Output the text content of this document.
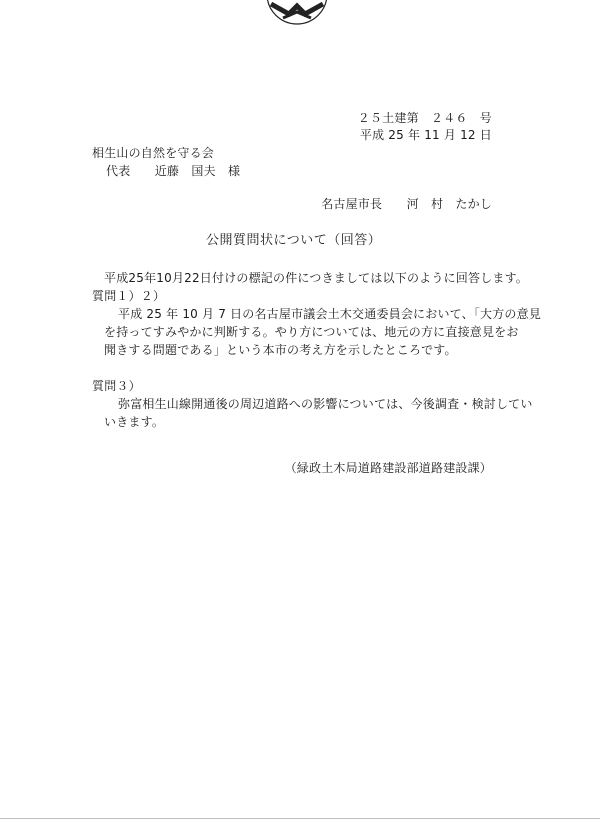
２５土建第　２４６　号
平成 25 年 11 月 12 日
相生山の自然を守る会
代表　　近藤　国夫　様
名古屋市長　　河　村　たかし
公開質問状について（回答）
平成25年10月22日付けの標記の件につきましては以下のように回答します。
質問１）２）
平成 25 年 10 月 7 日の名古屋市議会土木交通委員会において、「大方の意見
を持ってすみやかに判断する。やり方については、地元の方に直接意見をお
聞きする問題である」という本市の考え方を示したところです。
質問３）
弥富相生山線開通後の周辺道路への影響については、今後調査・検討してい
いきます。
（緑政土木局道路建設部道路建設課）
